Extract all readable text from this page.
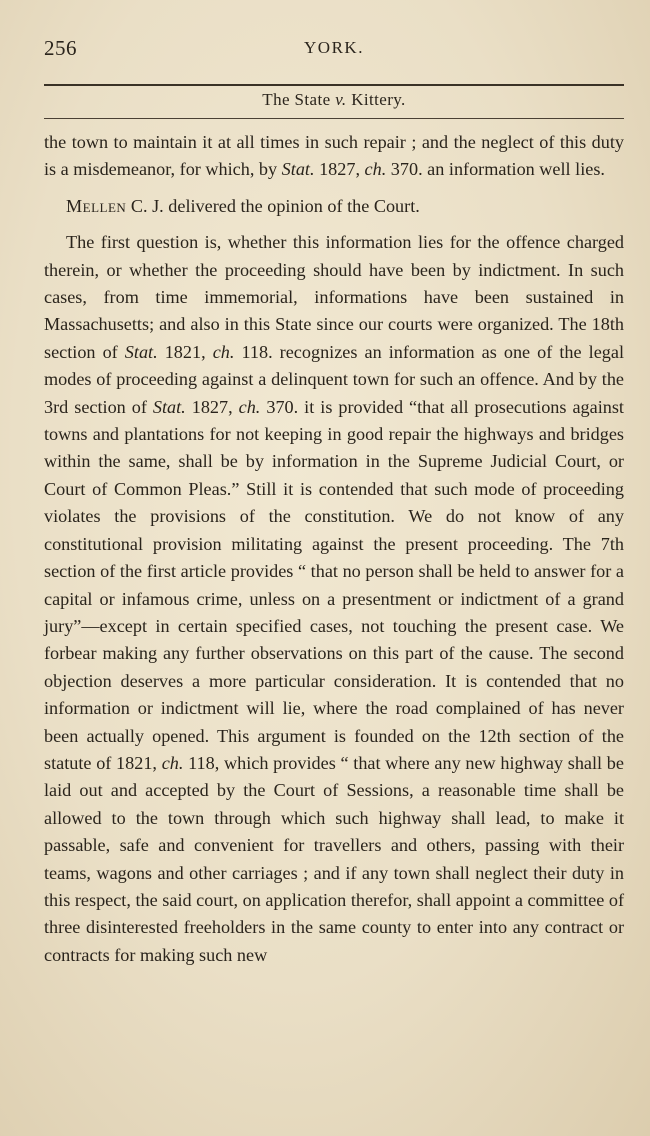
256	YORK.
The State v. Kittery.

the town to maintain it at all times in such repair ; and the neglect of this duty is a misdemeanor, for which, by Stat. 1827, ch. 370. an information well lies.

Mellen C. J. delivered the opinion of the Court.

The first question is, whether this information lies for the offence charged therein, or whether the proceeding should have been by indictment. In such cases, from time immemorial, informations have been sustained in Massachusetts; and also in this State since our courts were organized. The 18th section of Stat. 1821, ch. 118. recognizes an information as one of the legal modes of proceeding against a delinquent town for such an offence. And by the 3rd section of Stat. 1827, ch. 370. it is provided “that all prosecutions against towns and plantations for not keeping in good repair the highways and bridges within the same, shall be by information in the Supreme Judicial Court, or Court of Common Pleas.” Still it is contended that such mode of proceeding violates the provisions of the constitution. We do not know of any constitutional provision militating against the present proceeding. The 7th section of the first article provides “ that no person shall be held to answer for a capital or infamous crime, unless on a presentment or indictment of a grand jury”—except in certain specified cases, not touching the present case. We forbear making any further observations on this part of the cause. The second objection deserves a more particular consideration. It is contended that no information or indictment will lie, where the road complained of has never been actually opened. This argument is founded on the 12th section of the statute of 1821, ch. 118, which provides “ that where any new highway shall be laid out and accepted by the Court of Sessions, a reasonable time shall be allowed to the town through which such highway shall lead, to make it passable, safe and convenient for travellers and others, passing with their teams, wagons and other carriages ; and if any town shall neglect their duty in this respect, the said court, on application therefor, shall appoint a committee of three disinterested freeholders in the same county to enter into any contract or contracts for making such new
